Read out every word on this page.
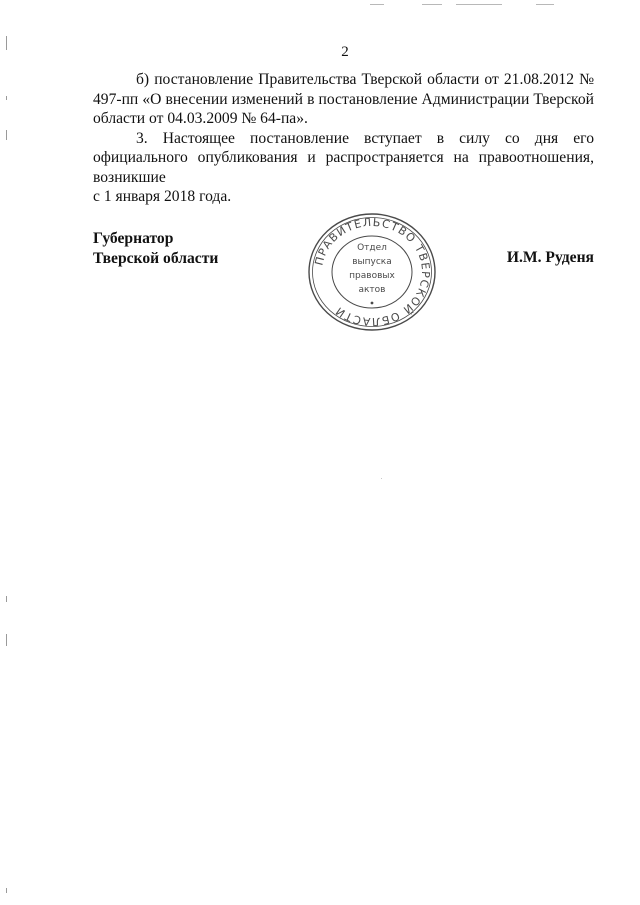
2

б) постановление Правительства Тверской области от 21.08.2012 № 497-пп «О внесении изменений в постановление Администрации Тверской области от 04.03.2009 № 64-па».

3. Настоящее постановление вступает в силу со дня его официального опубликования и распространяется на правоотношения, возникшие
с 1 января 2018 года.

Губернатор
Тверской области	И.М. Руденя
ПРАВИТЕЛЬСТВО ТВЕРСКОЙ ОБЛАСТИ
Отдел
выпуска
правовых
актов
